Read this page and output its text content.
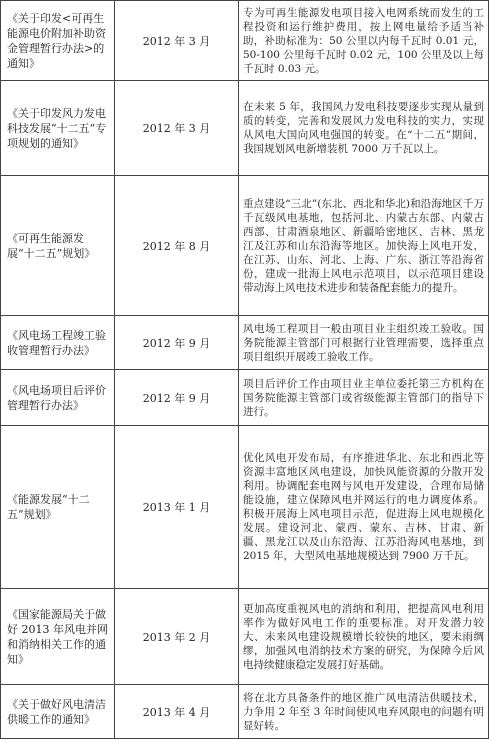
《关于印发<可再生能源电价附加补助资金管理暂行办法>的通知》	2012 年 3 月	专为可再生能源发电项目接入电网系统而发生的工程投资和运行维护费用，按上网电量给予适当补助，补助标准为：50 公里以内每千瓦时 0.01 元，50-100 公里每千瓦时 0.02 元，100 公里及以上每千瓦时 0.03 元。
《关于印发风力发电科技发展“十二五”专项规划的通知》	2012 年 3 月	在未来 5 年，我国风力发电科技要逐步实现从量到质的转变，完善和发展风力发电科技的实力，实现从风电大国向风电强国的转变。在“十二五”期间，我国规划风电新增装机 7000 万千瓦以上。
《可再生能源发展“十二五”规划》	2012 年 8 月	重点建设“三北”(东北、西北和华北)和沿海地区千万千瓦级风电基地，包括河北、内蒙古东部、内蒙古西部、甘肃酒泉地区、新疆哈密地区、吉林、黑龙江及江苏和山东沿海等地区。加快海上风电开发，在江苏、山东、河北、上海、广东、浙江等沿海省份，建成一批海上风电示范项目，以示范项目建设带动海上风电技术进步和装备配套能力的提升。
《风电场工程竣工验收管理暂行办法》	2012 年 9 月	风电场工程项目一般由项目业主组织竣工验收。国务院能源主管部门可根据行业管理需要，选择重点项目组织开展竣工验收工作。
《风电场项目后评价管理暂行办法》	2012 年 9 月	项目后评价工作由项目业主单位委托第三方机构在国务院能源主管部门或省级能源主管部门的指导下进行。
《能源发展“十二五”规划》	2013 年 1 月	优化风电开发布局，有序推进华北、东北和西北等资源丰富地区风电建设，加快风能资源的分散开发利用。协调配套电网与风电开发建设，合理布局储能设施，建立保障风电并网运行的电力调度体系。积极开展海上风电项目示范，促进海上风电规模化发展。建设河北、蒙西、蒙东、吉林、甘肃、新疆、黑龙江以及山东沿海、江苏沿海风电基地，到 2015 年，大型风电基地规模达到 7900 万千瓦。
《国家能源局关于做好 2013 年风电并网和消纳相关工作的通知》	2013 年 2 月	更加高度重视风电的消纳和利用，把提高风电利用率作为做好风电工作的重要标准。对开发潜力较大、未来风电建设规模增长较快的地区，要未雨绸缪，加强风电消纳技术方案的研究，为保障今后风电持续健康稳定发展打好基础。
《关于做好风电清洁供暖工作的通知》	2013 年 4 月	将在北方具备条件的地区推广风电清洁供暖技术，力争用 2 年至 3 年时间使风电弃风限电的问题有明显好转。
